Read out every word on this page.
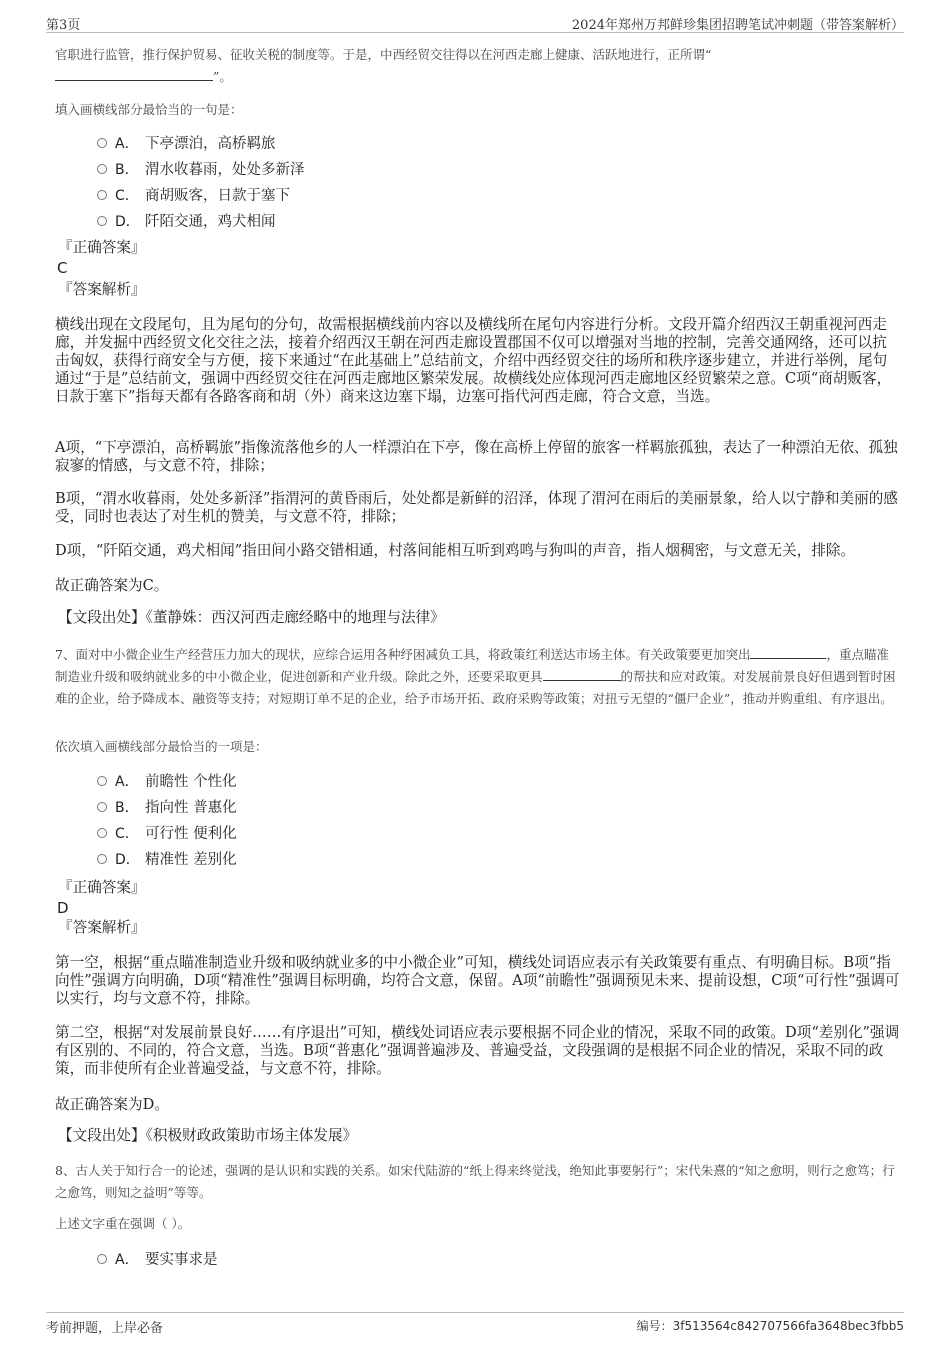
第3页	2024年郑州万邦鲜珍集团招聘笔试冲刺题（带答案解析）
官职进行监管，推行保护贸易、征收关税的制度等。于是，中西经贸交往得以在河西走廊上健康、活跃地进行，正所谓“
”。
填入画横线部分最恰当的一句是：
A． 下亭漂泊，高桥羁旅
B． 渭水收暮雨，处处多新泽
C． 商胡贩客，日款于塞下
D． 阡陌交通，鸡犬相闻
『正确答案』
C
『答案解析』
横线出现在文段尾句，且为尾句的分句，故需根据横线前内容以及横线所在尾句内容进行分析。文段开篇介绍西汉王朝重视河西走廊，并发掘中西经贸文化交往之法，接着介绍西汉王朝在河西走廊设置郡国不仅可以增强对当地的控制，完善交通网络，还可以抗击匈奴，获得行商安全与方便，接下来通过“在此基础上”总结前文，介绍中西经贸交往的场所和秩序逐步建立，并进行举例，尾句通过“于是”总结前文，强调中西经贸交往在河西走廊地区繁荣发展。故横线处应体现河西走廊地区经贸繁荣之意。C项“商胡贩客，日款于塞下”指每天都有各路客商和胡（外）商来这边塞下塌，边塞可指代河西走廊，符合文意，当选。
A项，“下亭漂泊，高桥羁旅”指像流落他乡的人一样漂泊在下亭，像在高桥上停留的旅客一样羁旅孤独，表达了一种漂泊无依、孤独寂寥的情感，与文意不符，排除；
B项，“渭水收暮雨，处处多新泽”指渭河的黄昏雨后，处处都是新鲜的沼泽，体现了渭河在雨后的美丽景象，给人以宁静和美丽的感受，同时也表达了对生机的赞美，与文意不符，排除；
D项，“阡陌交通，鸡犬相闻”指田间小路交错相通，村落间能相互听到鸡鸣与狗叫的声音，指人烟稠密，与文意无关，排除。
故正确答案为C。
【文段出处】《董静姝：西汉河西走廊经略中的地理与法律》
7、面对中小微企业生产经营压力加大的现状，应综合运用各种纾困减负工具，将政策红利送达市场主体。有关政策要更加突出	，重点瞄准制造业升级和吸纳就业多的中小微企业，促进创新和产业升级。除此之外，还要采取更具	的帮扶和应对政策。对发展前景良好但遇到暂时困难的企业，给予降成本、融资等支持；对短期订单不足的企业，给予市场开拓、政府采购等政策；对扭亏无望的“僵尸企业”，推动并购重组、有序退出。
依次填入画横线部分最恰当的一项是：
A． 前瞻性 个性化
B． 指向性 普惠化
C． 可行性 便利化
D． 精准性 差别化
『正确答案』
D
『答案解析』
第一空，根据“重点瞄准制造业升级和吸纳就业多的中小微企业”可知，横线处词语应表示有关政策要有重点、有明确目标。B项“指向性”强调方向明确，D项“精准性”强调目标明确，均符合文意，保留。A项“前瞻性”强调预见未来、提前设想，C项“可行性”强调可以实行，均与文意不符，排除。
第二空，根据“对发展前景良好……有序退出”可知，横线处词语应表示要根据不同企业的情况，采取不同的政策。D项“差别化”强调有区别的、不同的，符合文意，当选。B项“普惠化”强调普遍涉及、普遍受益，文段强调的是根据不同企业的情况，采取不同的政策，而非使所有企业普遍受益，与文意不符，排除。
故正确答案为D。
【文段出处】《积极财政政策助市场主体发展》
8、古人关于知行合一的论述，强调的是认识和实践的关系。如宋代陆游的“纸上得来终觉浅，绝知此事要躬行”；宋代朱熹的“知之愈明，则行之愈笃；行之愈笃，则知之益明”等等。
上述文字重在强调（ ）。
A． 要实事求是
考前押题，上岸必备	编号：3f513564c842707566fa3648bec3fbb5
